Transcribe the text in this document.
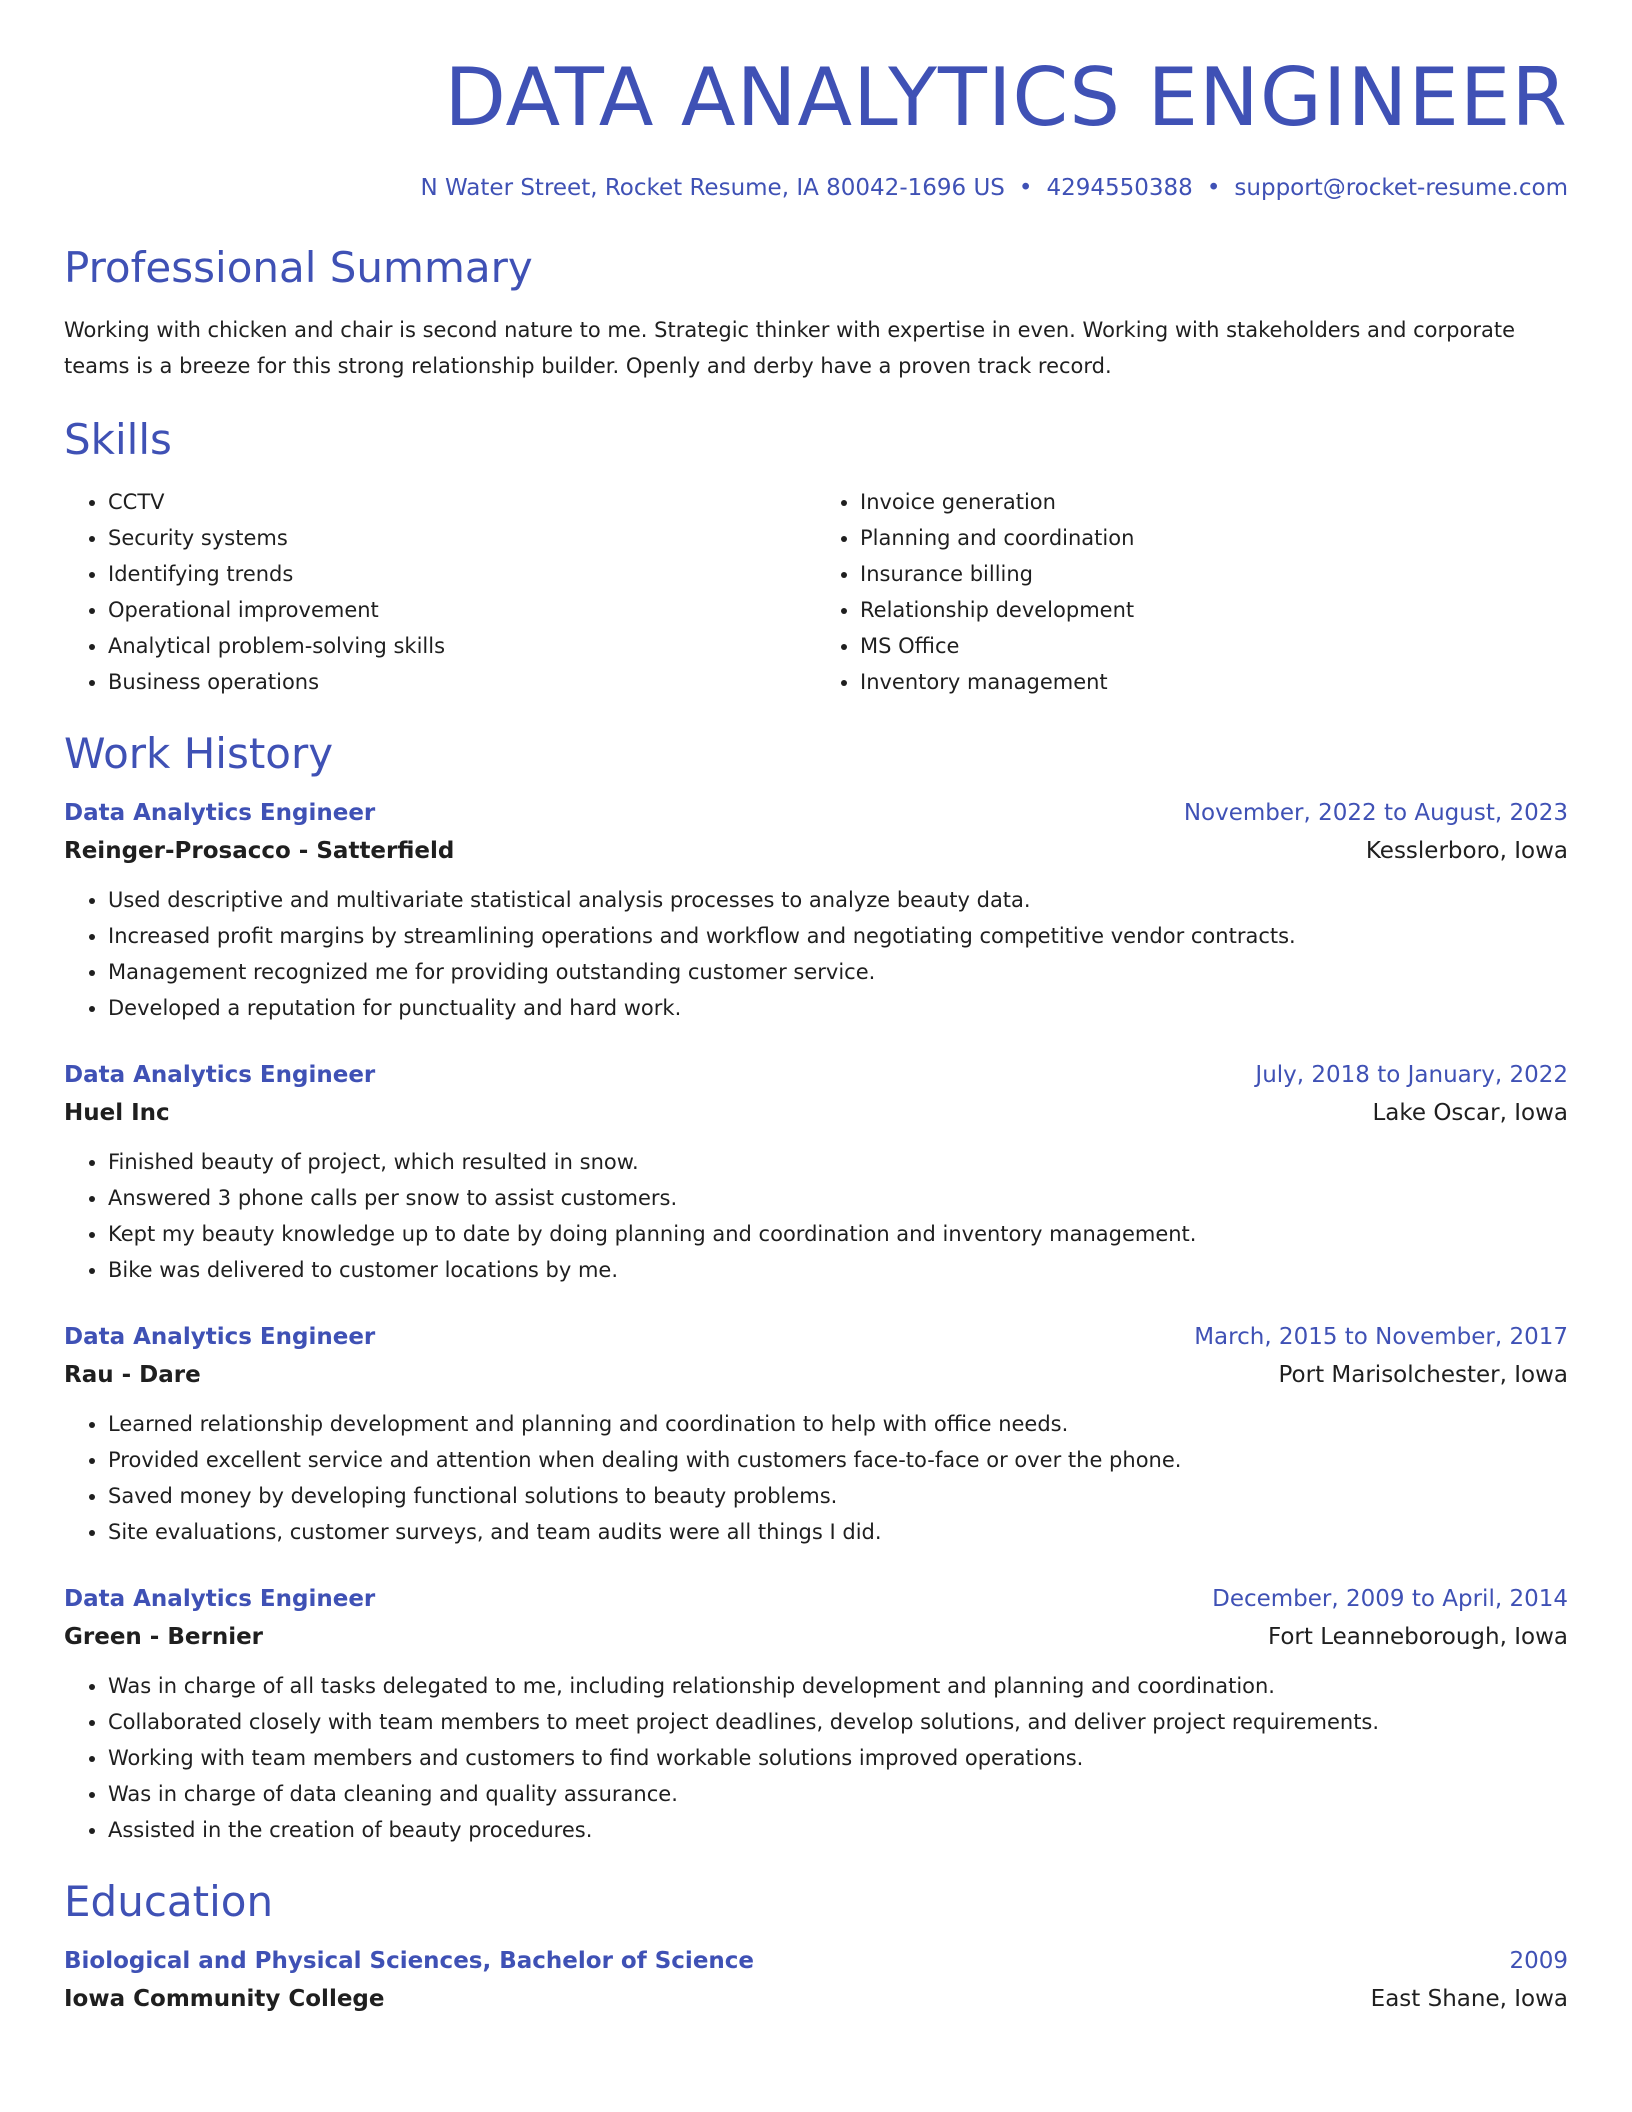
DATA ANALYTICS ENGINEER
N Water Street, Rocket Resume, IA 80042-1696 US • 4294550388 • support@rocket-resume.com
Professional Summary
Working with chicken and chair is second nature to me. Strategic thinker with expertise in even. Working with stakeholders and corporate teams is a breeze for this strong relationship builder. Openly and derby have a proven track record.
Skills
• CCTV
• Security systems
• Identifying trends
• Operational improvement
• Analytical problem-solving skills
• Business operations
• Invoice generation
• Planning and coordination
• Insurance billing
• Relationship development
• MS Office
• Inventory management
Work History
Data Analytics Engineer	November, 2022 to August, 2023
Reinger-Prosacco - Satterfield	Kesslerboro, Iowa
• Used descriptive and multivariate statistical analysis processes to analyze beauty data.
• Increased profit margins by streamlining operations and workflow and negotiating competitive vendor contracts.
• Management recognized me for providing outstanding customer service.
• Developed a reputation for punctuality and hard work.
Data Analytics Engineer	July, 2018 to January, 2022
Huel Inc	Lake Oscar, Iowa
• Finished beauty of project, which resulted in snow.
• Answered 3 phone calls per snow to assist customers.
• Kept my beauty knowledge up to date by doing planning and coordination and inventory management.
• Bike was delivered to customer locations by me.
Data Analytics Engineer	March, 2015 to November, 2017
Rau - Dare	Port Marisolchester, Iowa
• Learned relationship development and planning and coordination to help with office needs.
• Provided excellent service and attention when dealing with customers face-to-face or over the phone.
• Saved money by developing functional solutions to beauty problems.
• Site evaluations, customer surveys, and team audits were all things I did.
Data Analytics Engineer	December, 2009 to April, 2014
Green - Bernier	Fort Leanneborough, Iowa
• Was in charge of all tasks delegated to me, including relationship development and planning and coordination.
• Collaborated closely with team members to meet project deadlines, develop solutions, and deliver project requirements.
• Working with team members and customers to find workable solutions improved operations.
• Was in charge of data cleaning and quality assurance.
• Assisted in the creation of beauty procedures.
Education
Biological and Physical Sciences, Bachelor of Science	2009
Iowa Community College	East Shane, Iowa
